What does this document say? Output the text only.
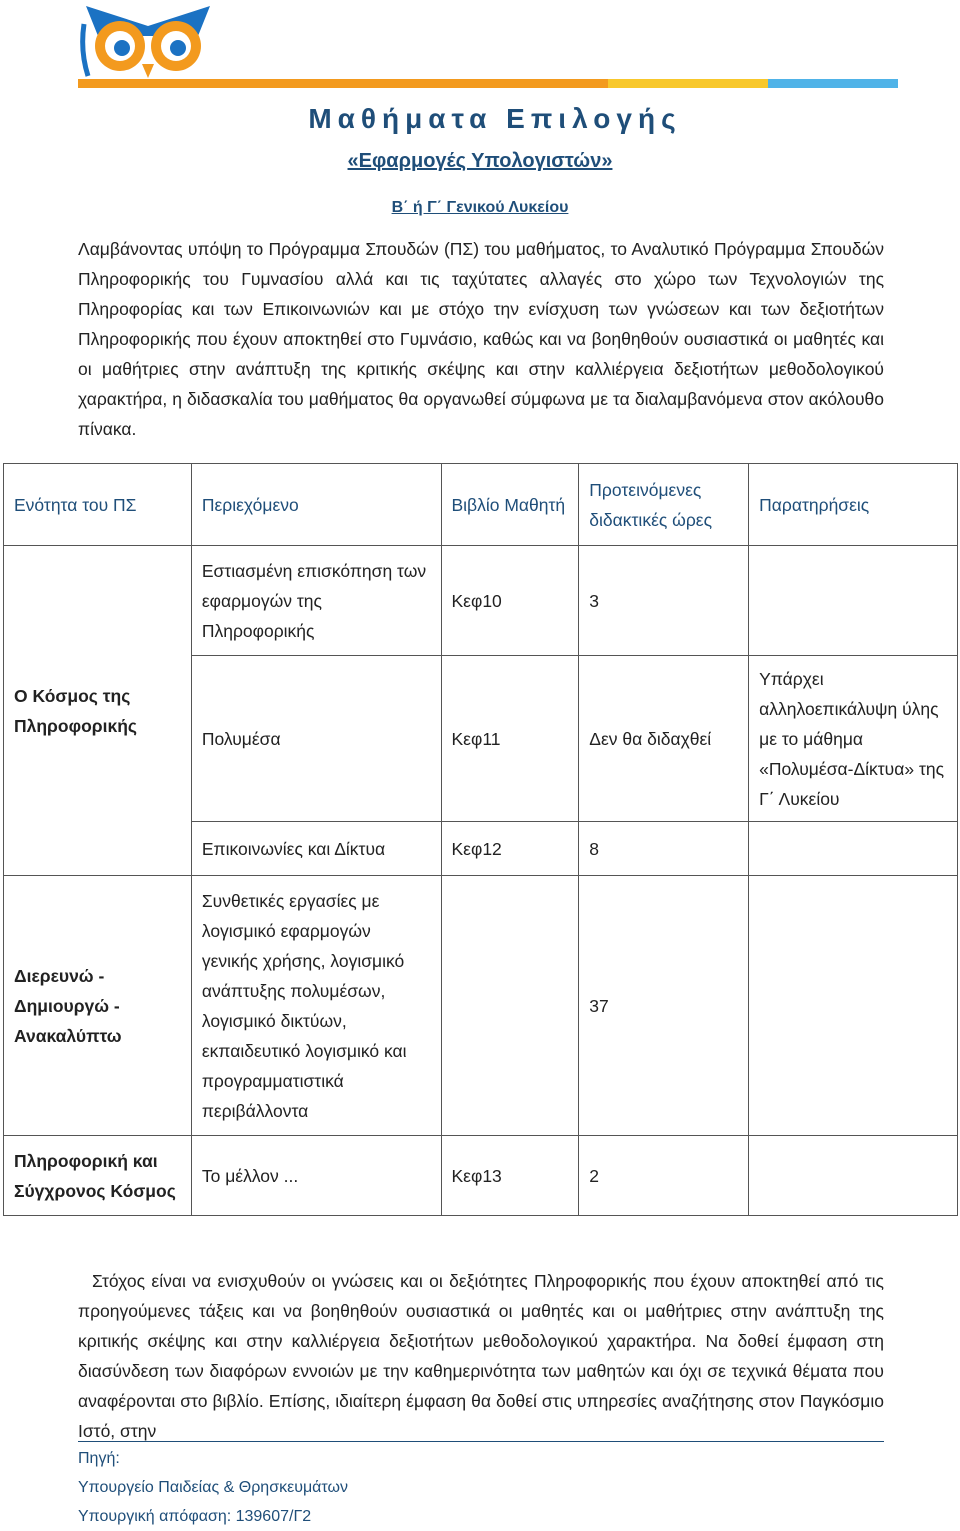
Μαθήματα Επιλογής
«Εφαρμογές Υπολογιστών»
Β΄ ή Γ΄ Γενικού Λυκείου
Λαμβάνοντας υπόψη το Πρόγραμμα Σπουδών (ΠΣ) του μαθήματος, το Αναλυτικό Πρόγραμμα Σπουδών Πληροφορικής του Γυμνασίου αλλά και τις ταχύτατες αλλαγές στο χώρο των Τεχνολογιών της Πληροφορίας και των Επικοινωνιών και με στόχο την ενίσχυση των γνώσεων και των δεξιοτήτων Πληροφορικής που έχουν αποκτηθεί στο Γυμνάσιο, καθώς και να βοηθηθούν ουσιαστικά οι μαθητές και οι μαθήτριες στην ανάπτυξη της κριτικής σκέψης και στην καλλιέργεια δεξιοτήτων μεθοδολογικού χαρακτήρα, η διδασκαλία του μαθήματος θα οργανωθεί σύμφωνα με τα διαλαμβανόμενα στον ακόλουθο πίνακα.
Ενότητα του ΠΣ	Περιεχόμενο	Βιβλίο Μαθητή	Προτεινόμενες διδακτικές ώρες	Παρατηρήσεις
Ο Κόσμος της Πληροφορικής	Εστιασμένη επισκόπηση των εφαρμογών της Πληροφορικής	Κεφ10	3	
	Πολυμέσα	Κεφ11	Δεν θα διδαχθεί	Υπάρχει αλληλοεπικάλυψη ύλης με το μάθημα «Πολυμέσα-Δίκτυα» της Γ΄ Λυκείου
	Επικοινωνίες και Δίκτυα	Κεφ12	8	
Διερευνώ - Δημιουργώ - Ανακαλύπτω	Συνθετικές εργασίες με λογισμικό εφαρμογών γενικής χρήσης, λογισμικό ανάπτυξης πολυμέσων, λογισμικό δικτύων, εκπαιδευτικό λογισμικό και προγραμματιστικά περιβάλλοντα		37	
Πληροφορική και Σύγχρονος Κόσμος	Το μέλλον ...	Κεφ13	2	
Στόχος είναι να ενισχυθούν οι γνώσεις και οι δεξιότητες Πληροφορικής που έχουν αποκτηθεί από τις προηγούμενες τάξεις και να βοηθηθούν ουσιαστικά οι μαθητές και οι μαθήτριες στην ανάπτυξη της κριτικής σκέψης και στην καλλιέργεια δεξιοτήτων μεθοδολογικού χαρακτήρα. Να δοθεί έμφαση στη διασύνδεση των διαφόρων εννοιών με την καθημερινότητα των μαθητών και όχι σε τεχνικά θέματα που αναφέρονται στο βιβλίο. Επίσης, ιδιαίτερη έμφαση θα δοθεί στις υπηρεσίες αναζήτησης στον Παγκόσμιο Ιστό, στην
Πηγή:
Υπουργείο Παιδείας & Θρησκευμάτων
Υπουργική απόφαση: 139607/Γ2
